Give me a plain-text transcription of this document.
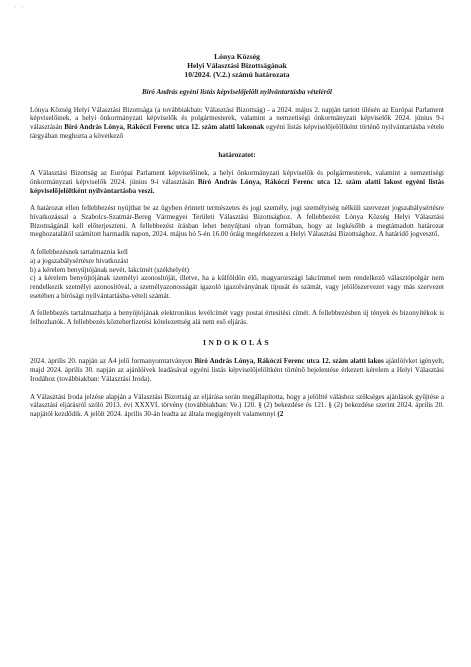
· ·
Lónya Község
Helyi Választási Bizottságának
10/2024. (V.2.) számú határozata
Bíró András egyéni listás képviselőjelölt nyilvántartásba vételéről

Lónya Község Helyi Választási Bizottsága (a továbbiakban: Választási Bizottság) - a 2024. május 2. napján tartott ülésén az Európai Parlament képviselőinek, a helyi önkormányzati képviselők és polgármesterek, valamint a nemzetiségi önkormányzati képviselők 2024. június 9-i választásán Bíró András Lónya, Rákóczi Ferenc utca 12. szám alatti lakosnak egyéni listás képviselőjelöltként történő nyilvántartásba vétele tárgyában meghozta a következő

határozatot:

A Választási Bizottság az Európai Parlament képviselőinek, a helyi önkormányzati képviselők és polgármesterek, valamint a nemzetiségi önkormányzati képviselők 2024. június 9-i választásán Bíró András Lónya, Rákóczi Ferenc utca 12. szám alatti lakost egyéni listás képviselőjelöltként nyilvántartásba veszi.

A határozat ellen fellebbezést nyújthat be az ügyben érintett természetes és jogi személy, jogi személyiség nélküli szervezet jogszabálysértésre hivatkozással a Szabolcs-Szatmár-Bereg Vármegyei Területi Választási Bizottsághoz. A fellebbezést Lónya Község Helyi Választási Bizottságánál kell előterjeszteni. A fellebbezést írásban lehet benyújtani olyan formában, hogy az legkésőbb a megtámadott határozat meghozatalától számított harmadik napon, 2024. május hó 5-én 16.00 óráig megérkezzen a Helyi Választási Bizottsághoz. A határidő jogvesztő.

A fellebbezésnek tartalmaznia kell

a) a jogszabálysértésre hivatkozást

b) a kérelem benyújtójának nevét, lakcímét (székhelyét)

c) a kérelem benyújtójának személyi azonosítóját, illetve, ha a külföldön élő, magyarországi lakcímmel nem rendelkező választópolgár nem rendelkezik személyi azonosítóval, a személyazonosságát igazoló igazolványának típusát és számát, vagy jelölőszervezet vagy más szervezet esetében a bírósági nyilvántartásba-vételi számát.

A fellebbezés tartalmazhatja a benyújtójának elektronikus levélcímét vagy postai értesítési címét. A fellebbezésben új tények és bizonyítékok is felhozhatók. A fellebbezés közteherfizetési kötelezettség alá nem eső eljárás.

INDOKOLÁS

2024. április 20. napján az A4 jelű formanyomtatványon Bíró András Lónya, Rákóczi Ferenc utca 12. szám alatti lakos ajánlóívket igényelt, majd 2024. április 30. napján az ajánlóívek leadásával egyéni listás képviselőjelöltként történő bejelentése érkezett kérelem a Helyi Választási Irodához (továbbiakban: Választási Iroda).

A Választási Iroda jelzése alapján a Választási Bizottság az eljárása során megállapította, hogy a jelöltté váláshoz szükséges ajánlások gyűjtése a választási eljárásról szóló 2013. évi XXXVI. törvény (továbbiakban: Ve.) 120. § (2) bekezdése és 121. § (2) bekezdése szerint 2024. április 20. napjától kezdődik. A jelölt 2024. április 30-án leadta az általa megigényelt valamennyi (2
